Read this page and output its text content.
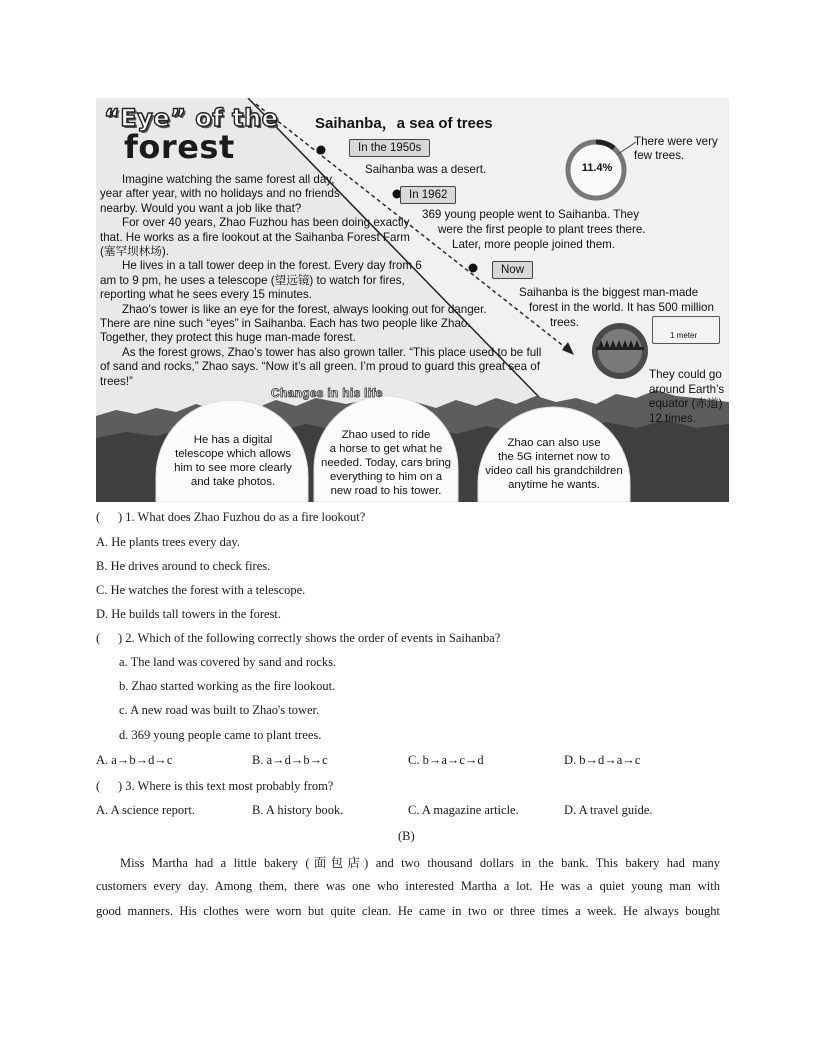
“Eye” of the
forest

Imagine watching the same forest all day, year after year, with no holidays and no friends nearby. Would you want a job like that?

For over 40 years, Zhao Fuzhou has been doing exactly that. He works as a fire lookout at the Saihanba Forest Farm (塞罕坝林场).

He lives in a tall tower deep in the forest. Every day from 6 am to 9 pm, he uses a telescope (望远镜) to watch for fires, reporting what he sees every 15 minutes.

Zhao’s tower is like an eye for the forest, always looking out for danger. There are nine such “eyes” in Saihanba. Each has two people like Zhao. Together, they protect this huge man-made forest.

As the forest grows, Zhao’s tower has also grown taller. “This place used to be full of sand and rocks,” Zhao says. “Now it’s all green. I’m proud to guard this great sea of trees!”

Changes in his life
Saihanba，a sea of trees
In the 1950s
Saihanba was a desert.	11.4%
There were very few trees.
In 1962
369 young people went to Saihanba. They
were the first people to plant trees there.
Later, more people joined them.
Now
Saihanba is the biggest man-made
forest in the world. It has 500 million
trees.
1 meter
They could go
around Earth’s
equator (赤道)
12 times.
He has a digital
telescope which allows
him to see more clearly
and take photos.
Zhao used to ride
a horse to get what he
needed. Today, cars bring
everything to him on a
new road to his tower.
Zhao can also use
the 5G internet now to
video call his grandchildren
anytime he wants.
(    ) 1. What does Zhao Fuzhou do as a fire lookout?
A. He plants trees every day.
B. He drives around to check fires.
C. He watches the forest with a telescope.
D. He builds tall towers in the forest.
(    ) 2. Which of the following correctly shows the order of events in Saihanba?
a. The land was covered by sand and rocks.
b. Zhao started working as the fire lookout.
c. A new road was built to Zhao's tower.
d. 369 young people came to plant trees.
A. a→b→d→c	B. a→d→b→c	C. b→a→c→d	D. b→d→a→c
(    ) 3. Where is this text most probably from?
A. A science report.	B. A history book.	C. A magazine article.	D. A travel guide.
(B)
Miss Martha had a little bakery (面包店) and two thousand dollars in the bank. This bakery had many
customers every day. Among them, there was one who interested Martha a lot. He was a quiet young man with
good manners. His clothes were worn but quite clean. He came in two or three times a week. He always bought
